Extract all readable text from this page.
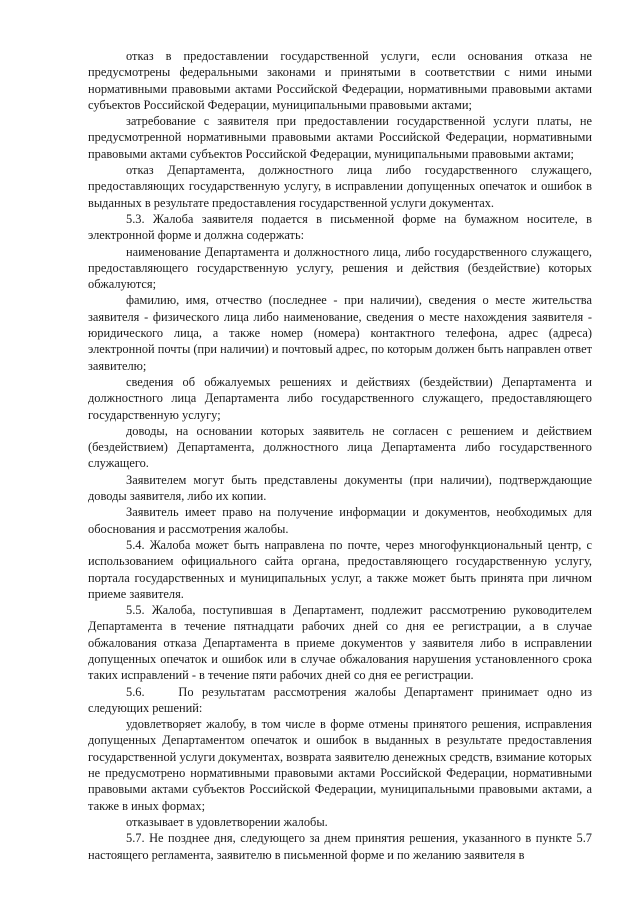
отказ в предоставлении государственной услуги, если основания отказа не предусмотрены федеральными законами и принятыми в соответствии с ними иными нормативными правовыми актами Российской Федерации, нормативными правовыми актами субъектов Российской Федерации, муниципальными правовыми актами;

затребование с заявителя при предоставлении государственной услуги платы, не предусмотренной нормативными правовыми актами Российской Федерации, нормативными правовыми актами субъектов Российской Федерации, муниципальными правовыми актами;

отказ Департамента, должностного лица либо государственного служащего, предоставляющих государственную услугу, в исправлении допущенных опечаток и ошибок в выданных в результате предоставления государственной услуги документах.

5.3. Жалоба заявителя подается в письменной форме на бумажном носителе, в электронной форме и должна содержать:

наименование Департамента и должностного лица, либо государственного служащего, предоставляющего государственную услугу, решения и действия (бездействие) которых обжалуются;

фамилию, имя, отчество (последнее - при наличии), сведения о месте жительства заявителя - физического лица либо наименование, сведения о месте нахождения заявителя - юридического лица, а также номер (номера) контактного телефона, адрес (адреса) электронной почты (при наличии) и почтовый адрес, по которым должен быть направлен ответ заявителю;

сведения об обжалуемых решениях и действиях (бездействии) Департамента и должностного лица Департамента либо государственного служащего, предоставляющего государственную услугу;

доводы, на основании которых заявитель не согласен с решением и действием (бездействием) Департамента, должностного лица Департамента либо государственного служащего.

Заявителем могут быть представлены документы (при наличии), подтверждающие доводы заявителя, либо их копии.

Заявитель имеет право на получение информации и документов, необходимых для обоснования и рассмотрения жалобы.

5.4. Жалоба может быть направлена по почте, через многофункциональный центр, с использованием официального сайта органа, предоставляющего государственную услугу, портала государственных и муниципальных услуг, а также может быть принята при личном приеме заявителя.

5.5. Жалоба, поступившая в Департамент, подлежит рассмотрению руководителем Департамента в течение пятнадцати рабочих дней со дня ее регистрации, а в случае обжалования отказа Департамента в приеме документов у заявителя либо в исправлении допущенных опечаток и ошибок или в случае обжалования нарушения установленного срока таких исправлений - в течение пяти рабочих дней со дня ее регистрации.

5.6.    По результатам рассмотрения жалобы Департамент принимает одно из следующих решений:

удовлетворяет жалобу, в том числе в форме отмены принятого решения, исправления допущенных Департаментом опечаток и ошибок в выданных в результате предоставления государственной услуги документах, возврата заявителю денежных средств, взимание которых не предусмотрено нормативными правовыми актами Российской Федерации, нормативными правовыми актами субъектов Российской Федерации, муниципальными правовыми актами, а также в иных формах;

отказывает в удовлетворении жалобы.

5.7. Не позднее дня, следующего за днем принятия решения, указанного в пункте 5.7 настоящего регламента, заявителю в письменной форме и по желанию заявителя в
